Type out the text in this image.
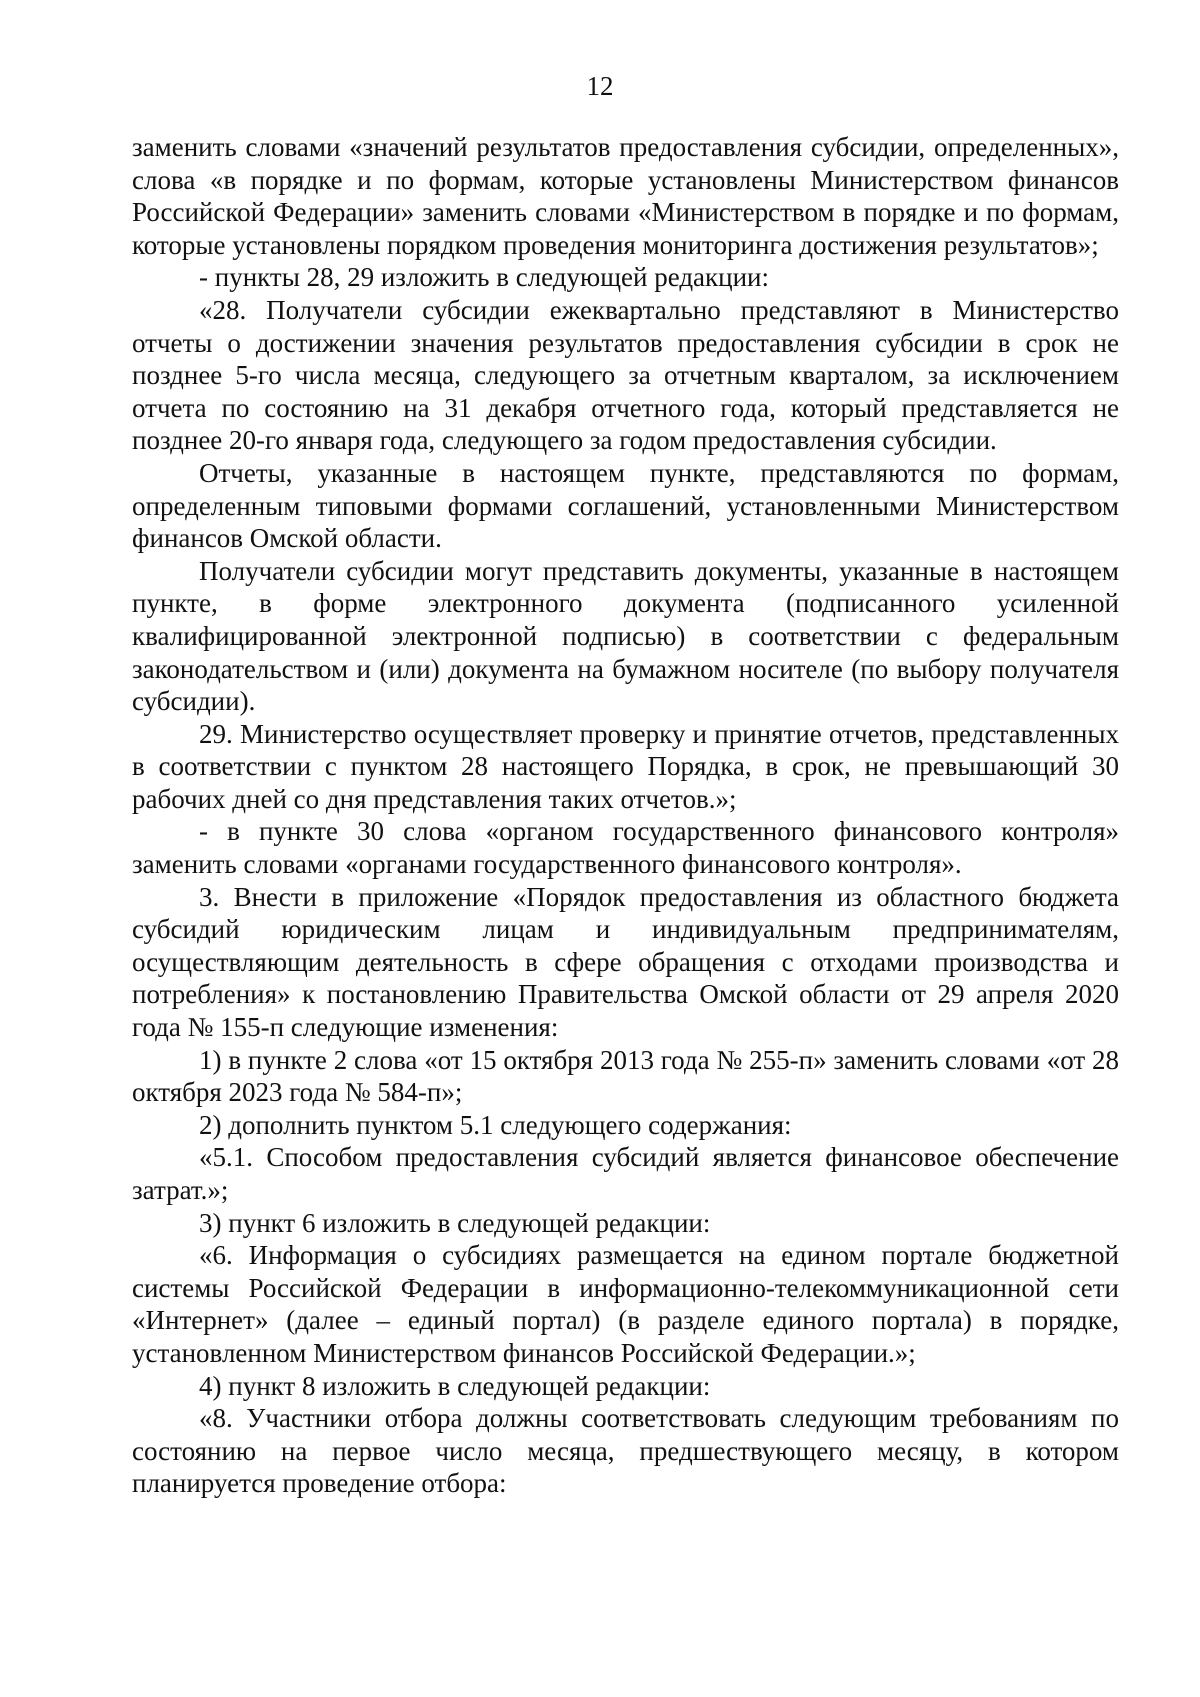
12

заменить словами «значений результатов предоставления субсидии, определенных», слова «в порядке и по формам, которые установлены Министерством финансов Российской Федерации» заменить словами «Министерством в порядке и по формам, которые установлены порядком проведения мониторинга достижения результатов»;

- пункты 28, 29 изложить в следующей редакции:

«28. Получатели субсидии ежеквартально представляют в Министерство отчеты о достижении значения результатов предоставления субсидии в срок не позднее 5-го числа месяца, следующего за отчетным кварталом, за исключением отчета по состоянию на 31 декабря отчетного года, который представляется не позднее 20-го января года, следующего за годом предоставления субсидии.

Отчеты, указанные в настоящем пункте, представляются по формам, определенным типовыми формами соглашений, установленными Министерством финансов Омской области.

Получатели субсидии могут представить документы, указанные в настоящем пункте, в форме электронного документа (подписанного усиленной квалифицированной электронной подписью) в соответствии с федеральным законодательством и (или) документа на бумажном носителе (по выбору получателя субсидии).

29. Министерство осуществляет проверку и принятие отчетов, представленных в соответствии с пунктом 28 настоящего Порядка, в срок, не превышающий 30 рабочих дней со дня представления таких отчетов.»;

- в пункте 30 слова «органом государственного финансового контроля» заменить словами «органами государственного финансового контроля».

3. Внести в приложение «Порядок предоставления из областного бюджета субсидий юридическим лицам и индивидуальным предпринимателям, осуществляющим деятельность в сфере обращения с отходами производства и потребления» к постановлению Правительства Омской области от 29 апреля 2020 года № 155-п следующие изменения:

1) в пункте 2 слова «от 15 октября 2013 года № 255-п» заменить словами «от 28 октября 2023 года № 584-п»;

2) дополнить пунктом 5.1 следующего содержания:

«5.1. Способом предоставления субсидий является финансовое обеспечение затрат.»;

3) пункт 6 изложить в следующей редакции:

«6. Информация о субсидиях размещается на едином портале бюджетной системы Российской Федерации в информационно-телекоммуникационной сети «Интернет» (далее – единый портал) (в разделе единого портала) в порядке, установленном Министерством финансов Российской Федерации.»;

4) пункт 8 изложить в следующей редакции:

«8. Участники отбора должны соответствовать следующим требованиям по состоянию на первое число месяца, предшествующего месяцу, в котором планируется проведение отбора:
